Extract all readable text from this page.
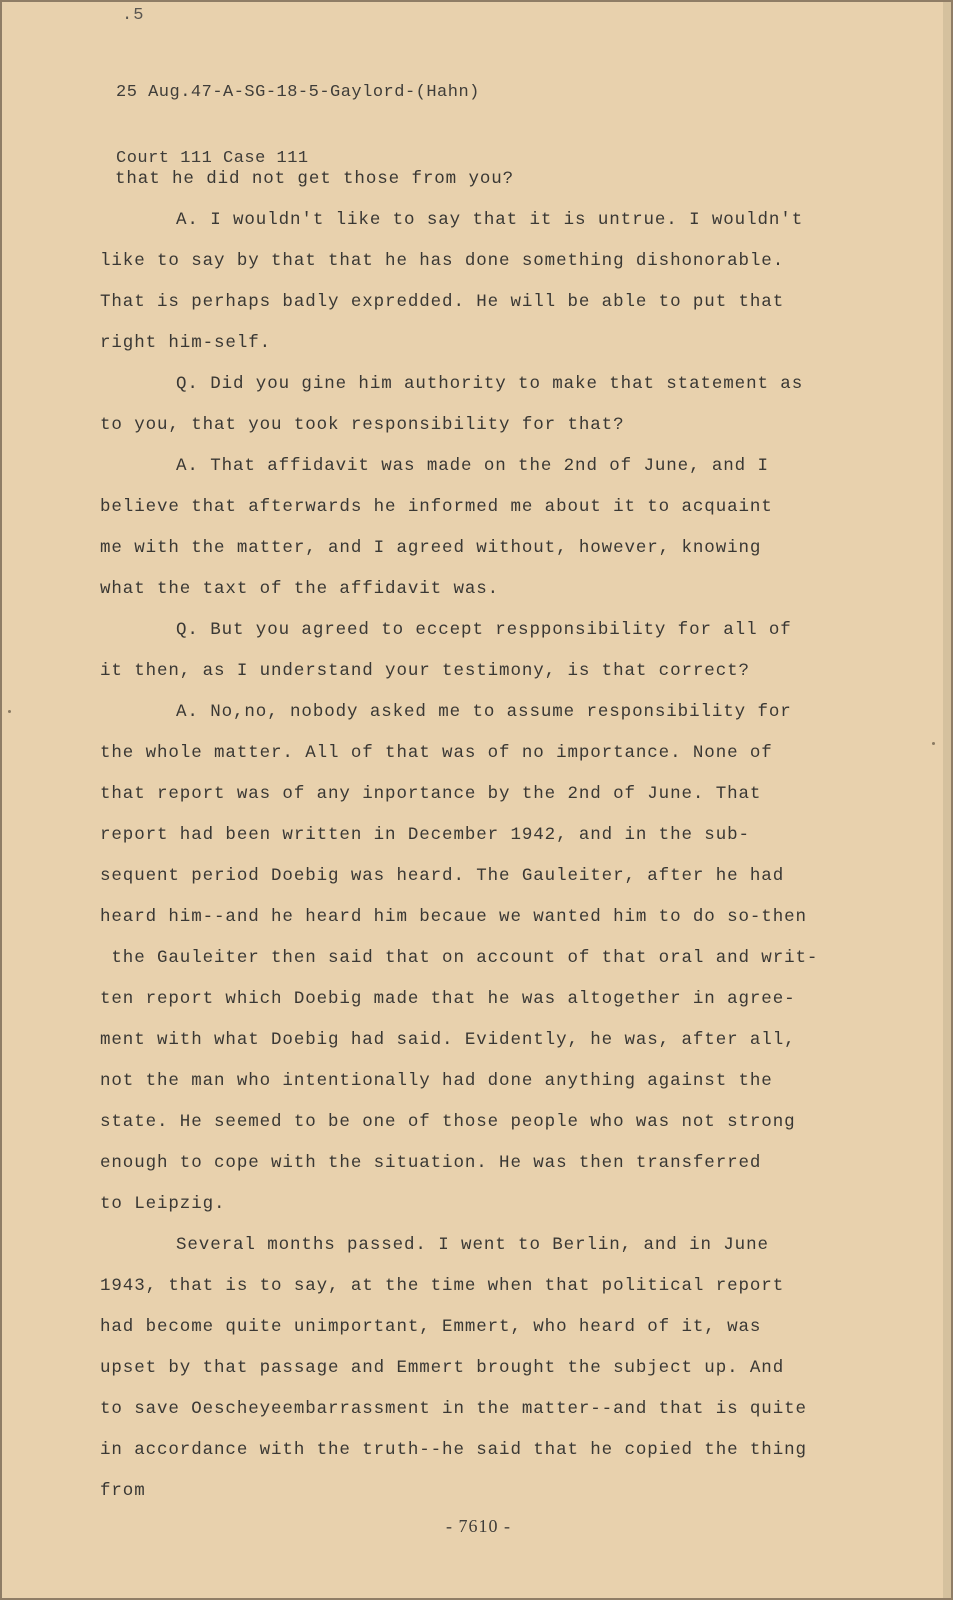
.5

25 Aug.47-A-SG-18-5-Gaylord-(Hahn)

Court 111 Case 111

that he did not get those from you?
A. I wouldn't like to say that it is untrue. I wouldn't
like to say by that that he has done something dishonorable.
That is perhaps badly expredded. He will be able to put that
right him-self.
Q. Did you gine him authority to make that statement as
to you, that you took responsibility for that?
A. That affidavit was made on the 2nd of June, and I
believe that afterwards he informed me about it to acquaint
me with the matter, and I agreed without, however, knowing
what the taxt of the affidavit was.
Q. But you agreed to eccept respponsibility for all of
it then, as I understand your testimony, is that correct?
A. No,no, nobody asked me to assume responsibility for
the whole matter. All of that was of no importance. None of
that report was of any inportance by the 2nd of June. That
report had been written in December 1942, and in the sub-
sequent period Doebig was heard. The Gauleiter, after he had
heard him--and he heard him becaue we wanted him to do so-then
the Gauleiter then said that on account of that oral and writ-
ten report which Doebig made that he was altogether in agree-
ment with what Doebig had said. Evidently, he was, after all,
not the man who intentionally had done anything against the
state. He seemed to be one of those people who was not strong
enough to cope with the situation. He was then transferred
to Leipzig.
Several months passed. I went to Berlin, and in June
1943, that is to say, at the time when that political report
had become quite unimportant, Emmert, who heard of it, was
upset by that passage and Emmert brought the subject up. And
to save Oescheyeembarrassment in the matter--and that is quite
in accordance with the truth--he said that he copied the thing
from
- 7610 -
